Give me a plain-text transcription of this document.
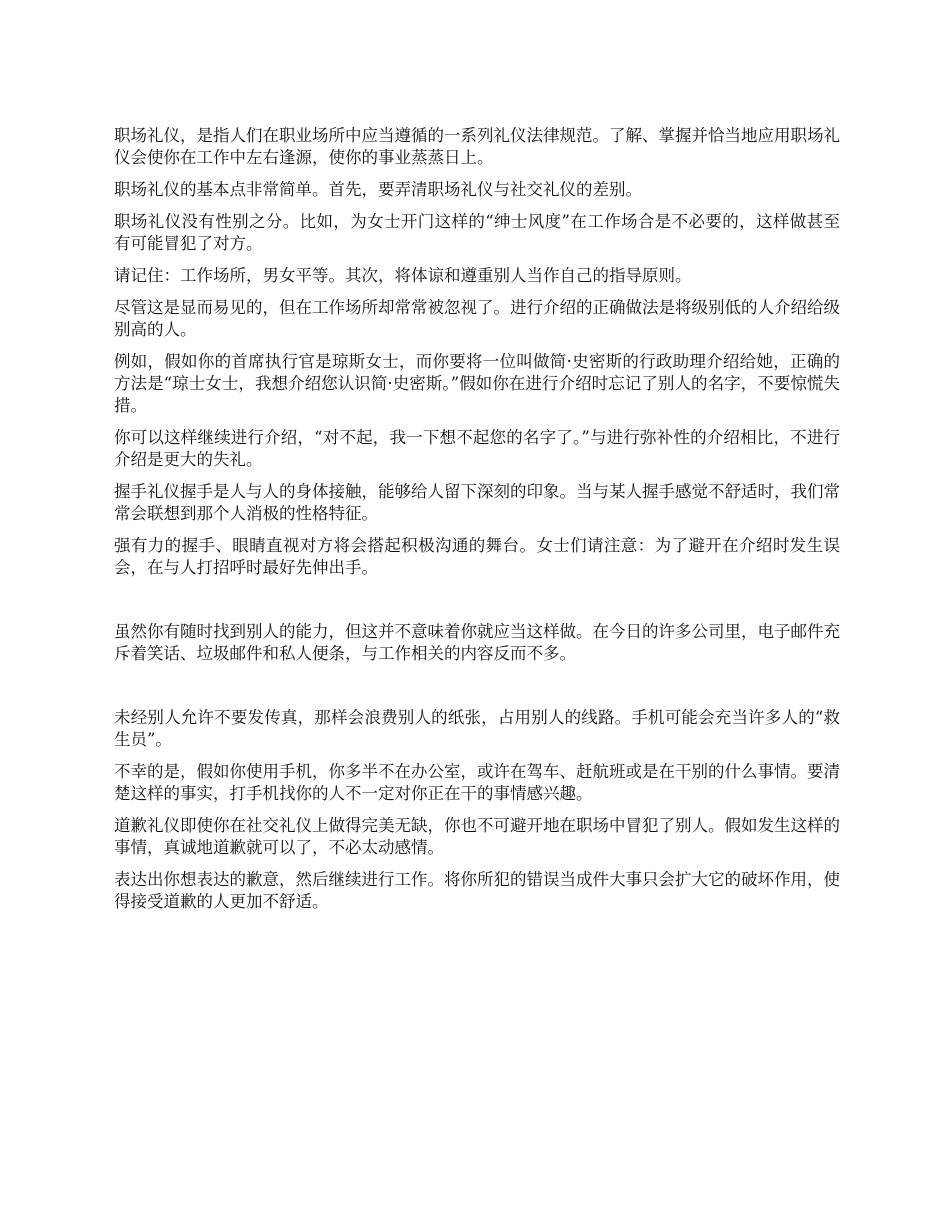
职场礼仪，是指人们在职业场所中应当遵循的一系列礼仪法律规范。了解、掌握并恰当地应用职场礼仪会使你在工作中左右逢源，使你的事业蒸蒸日上。

职场礼仪的基本点非常简单。首先，要弄清职场礼仪与社交礼仪的差别。

职场礼仪没有性别之分。比如，为女士开门这样的“绅士风度”在工作场合是不必要的，这样做甚至有可能冒犯了对方。

请记住：工作场所，男女平等。其次，将体谅和遵重别人当作自己的指导原则。

尽管这是显而易见的，但在工作场所却常常被忽视了。进行介绍的正确做法是将级别低的人介绍给级别高的人。

例如，假如你的首席执行官是琼斯女士，而你要将一位叫做简·史密斯的行政助理介绍给她，正确的方法是“琼士女士，我想介绍您认识简·史密斯。”假如你在进行介绍时忘记了别人的名字，不要惊慌失措。

你可以这样继续进行介绍，“对不起，我一下想不起您的名字了。”与进行弥补性的介绍相比，不进行介绍是更大的失礼。

握手礼仪握手是人与人的身体接触，能够给人留下深刻的印象。当与某人握手感觉不舒适时，我们常常会联想到那个人消极的性格特征。

强有力的握手、眼睛直视对方将会搭起积极沟通的舞台。女士们请注意：为了避开在介绍时发生误会，在与人打招呼时最好先伸出手。

虽然你有随时找到别人的能力，但这并不意味着你就应当这样做。在今日的许多公司里，电子邮件充斥着笑话、垃圾邮件和私人便条，与工作相关的内容反而不多。

未经别人允许不要发传真，那样会浪费别人的纸张，占用别人的线路。手机可能会充当许多人的“救生员”。

不幸的是，假如你使用手机，你多半不在办公室，或许在驾车、赶航班或是在干别的什么事情。要清楚这样的事实，打手机找你的人不一定对你正在干的事情感兴趣。

道歉礼仪即使你在社交礼仪上做得完美无缺，你也不可避开地在职场中冒犯了别人。假如发生这样的事情，真诚地道歉就可以了，不必太动感情。

表达出你想表达的歉意，然后继续进行工作。将你所犯的错误当成件大事只会扩大它的破坏作用，使得接受道歉的人更加不舒适。
